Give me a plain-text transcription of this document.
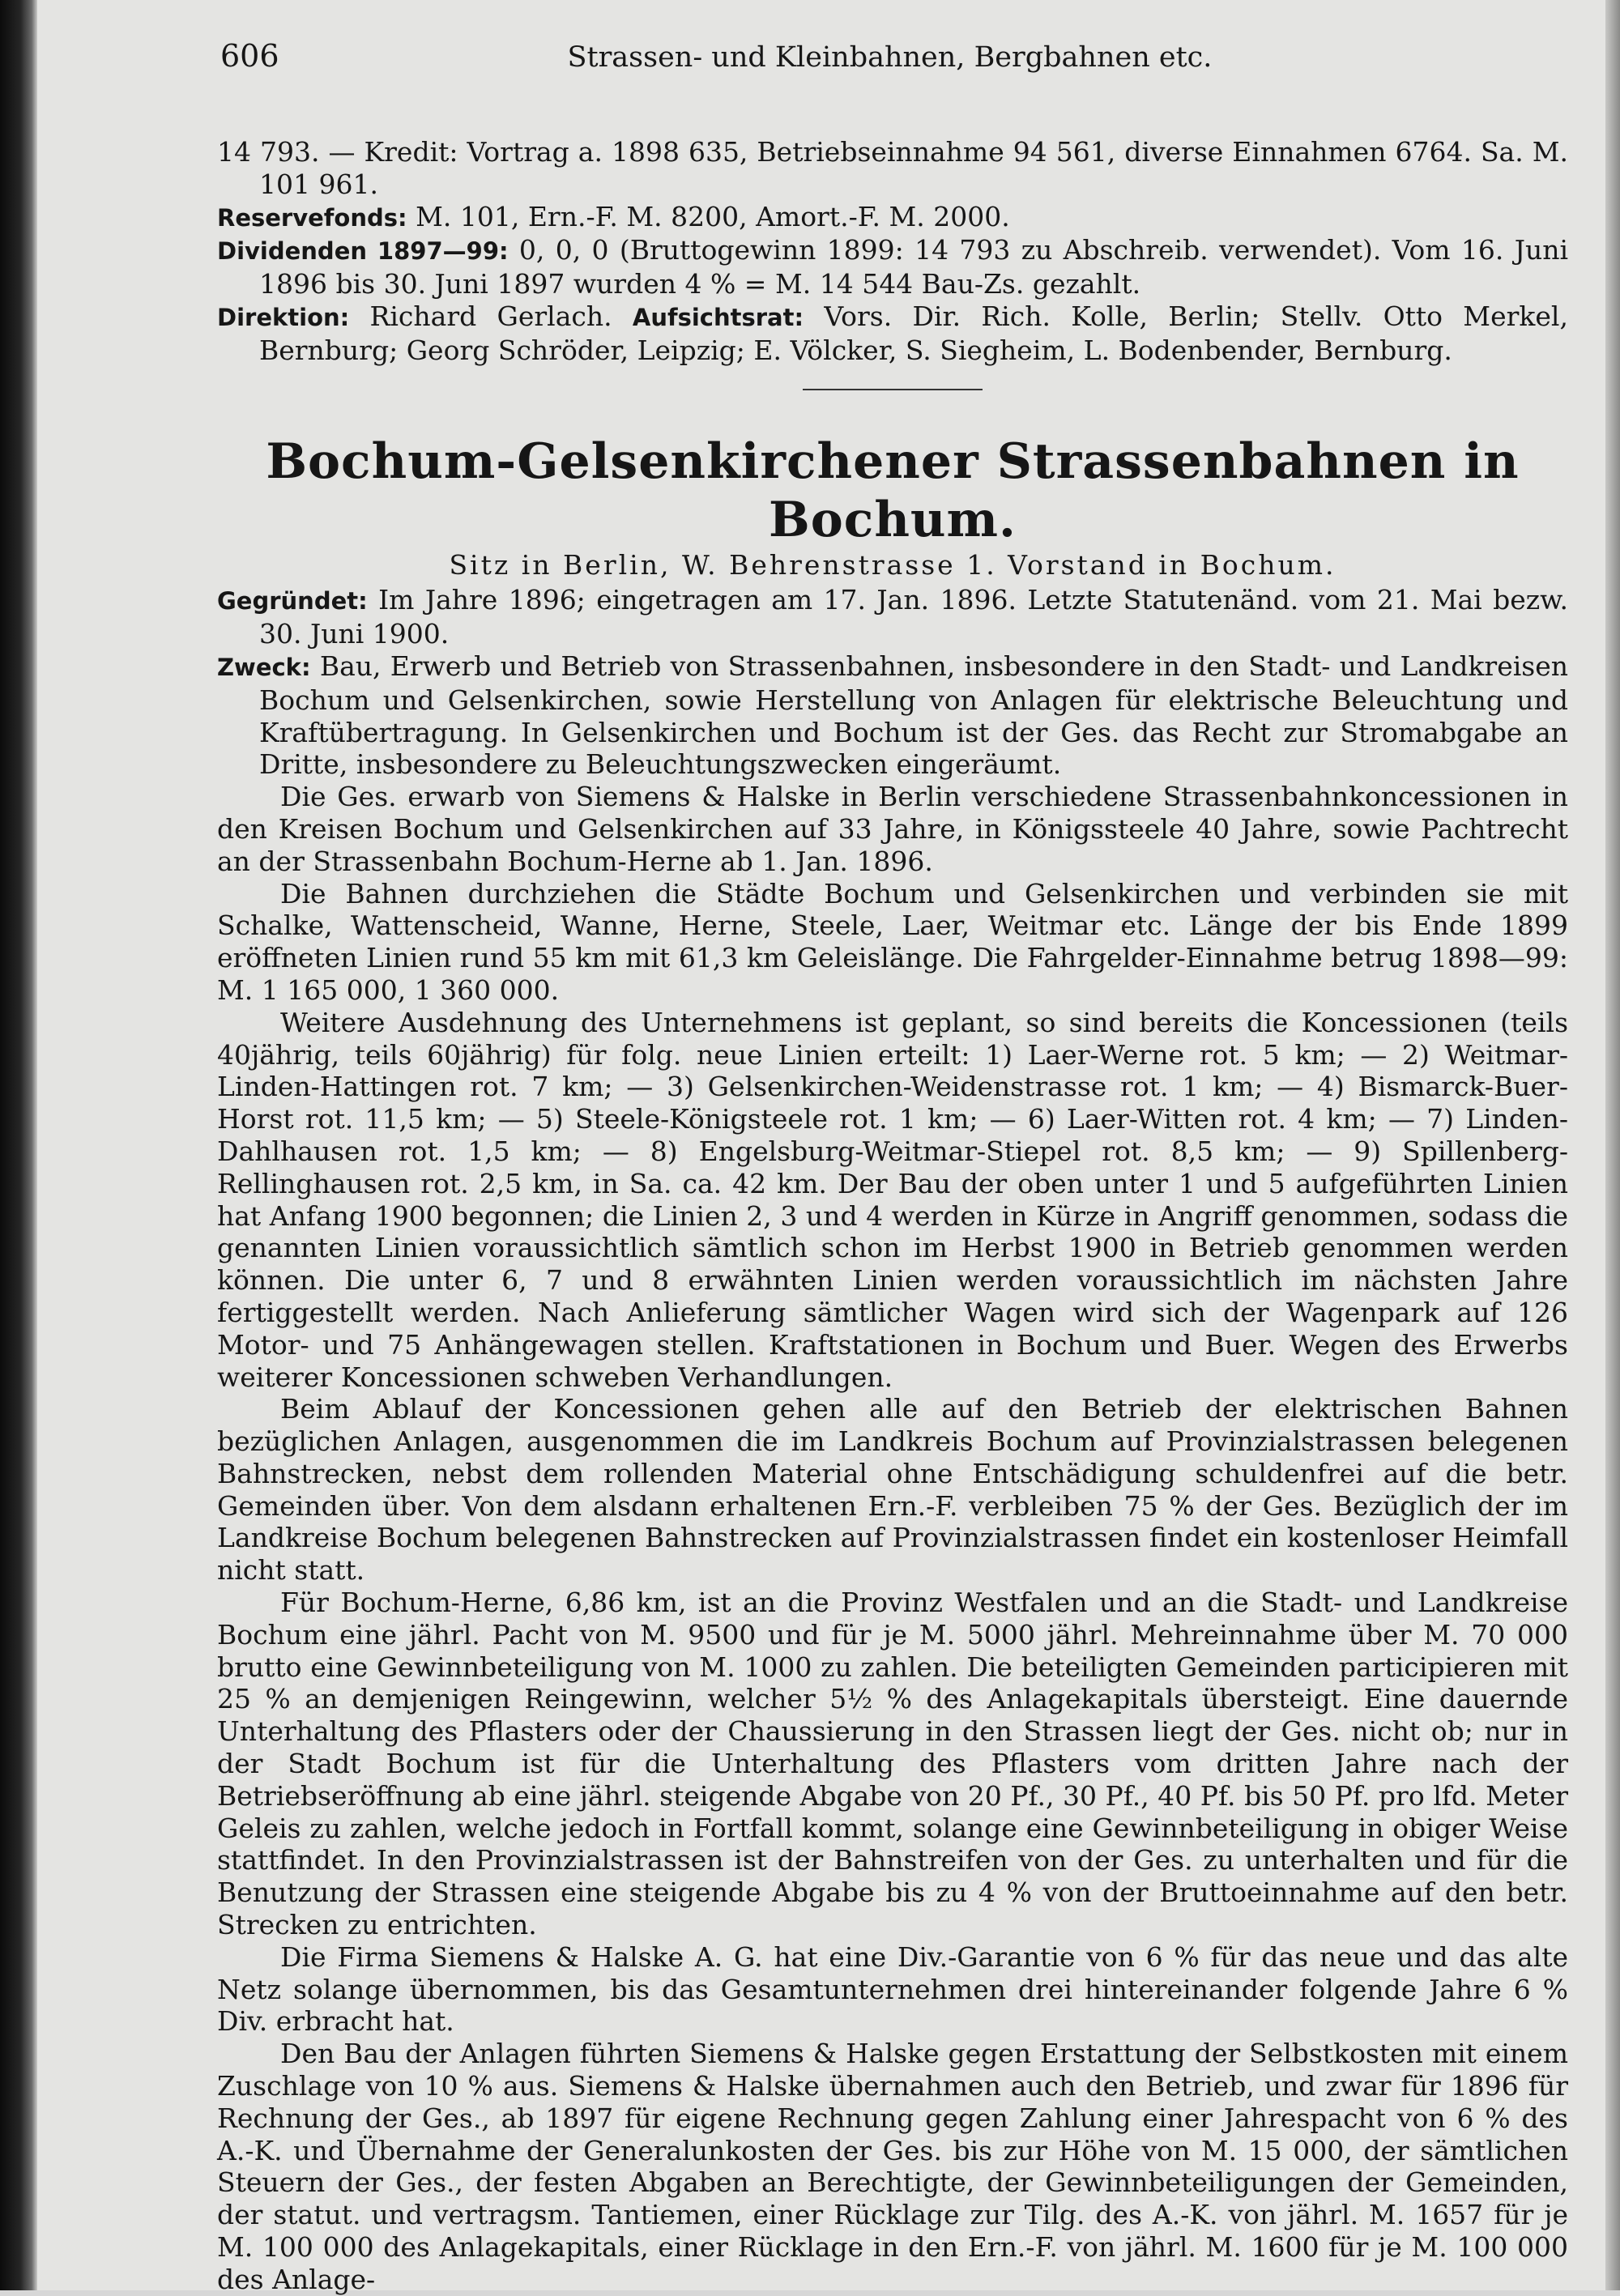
606	Strassen- und Kleinbahnen, Bergbahnen etc.

14 793. — Kredit: Vortrag a. 1898 635, Betriebseinnahme 94 561, diverse Einnahmen 6764. Sa. M. 101 961.

Reservefonds: M. 101, Ern.-F. M. 8200, Amort.-F. M. 2000.

Dividenden 1897—99: 0, 0, 0 (Bruttogewinn 1899: 14 793 zu Abschreib. verwendet). Vom 16. Juni 1896 bis 30. Juni 1897 wurden 4 % = M. 14 544 Bau-Zs. gezahlt.

Direktion: Richard Gerlach. Aufsichtsrat: Vors. Dir. Rich. Kolle, Berlin; Stellv. Otto Merkel, Bernburg; Georg Schröder, Leipzig; E. Völcker, S. Siegheim, L. Bodenbender, Bernburg.

Bochum-Gelsenkirchener Strassenbahnen in Bochum.

Sitz in Berlin, W. Behrenstrasse 1. Vorstand in Bochum.

Gegründet: Im Jahre 1896; eingetragen am 17. Jan. 1896. Letzte Statutenänd. vom 21. Mai bezw. 30. Juni 1900.

Zweck: Bau, Erwerb und Betrieb von Strassenbahnen, insbesondere in den Stadt- und Landkreisen Bochum und Gelsenkirchen, sowie Herstellung von Anlagen für elektrische Beleuchtung und Kraftübertragung. In Gelsenkirchen und Bochum ist der Ges. das Recht zur Stromabgabe an Dritte, insbesondere zu Beleuchtungszwecken eingeräumt.

Die Ges. erwarb von Siemens & Halske in Berlin verschiedene Strassenbahnkoncessionen in den Kreisen Bochum und Gelsenkirchen auf 33 Jahre, in Königssteele 40 Jahre, sowie Pachtrecht an der Strassenbahn Bochum-Herne ab 1. Jan. 1896.

Die Bahnen durchziehen die Städte Bochum und Gelsenkirchen und verbinden sie mit Schalke, Wattenscheid, Wanne, Herne, Steele, Laer, Weitmar etc. Länge der bis Ende 1899 eröffneten Linien rund 55 km mit 61,3 km Geleislänge. Die Fahrgelder-Einnahme betrug 1898—99: M. 1 165 000, 1 360 000.

Weitere Ausdehnung des Unternehmens ist geplant, so sind bereits die Koncessionen (teils 40jährig, teils 60jährig) für folg. neue Linien erteilt: 1) Laer-Werne rot. 5 km; — 2) Weitmar-Linden-Hattingen rot. 7 km; — 3) Gelsenkirchen-Weidenstrasse rot. 1 km; — 4) Bismarck-Buer-Horst rot. 11,5 km; — 5) Steele-Königsteele rot. 1 km; — 6) Laer-Witten rot. 4 km; — 7) Linden-Dahlhausen rot. 1,5 km; — 8) Engelsburg-Weitmar-Stiepel rot. 8,5 km; — 9) Spillenberg-Rellinghausen rot. 2,5 km, in Sa. ca. 42 km. Der Bau der oben unter 1 und 5 aufgeführten Linien hat Anfang 1900 begonnen; die Linien 2, 3 und 4 werden in Kürze in Angriff genommen, sodass die genannten Linien voraussichtlich sämtlich schon im Herbst 1900 in Betrieb genommen werden können. Die unter 6, 7 und 8 erwähnten Linien werden voraussichtlich im nächsten Jahre fertiggestellt werden. Nach Anlieferung sämtlicher Wagen wird sich der Wagenpark auf 126 Motor- und 75 Anhängewagen stellen. Kraftstationen in Bochum und Buer. Wegen des Erwerbs weiterer Koncessionen schweben Verhandlungen.

Beim Ablauf der Koncessionen gehen alle auf den Betrieb der elektrischen Bahnen bezüglichen Anlagen, ausgenommen die im Landkreis Bochum auf Provinzialstrassen belegenen Bahnstrecken, nebst dem rollenden Material ohne Entschädigung schuldenfrei auf die betr. Gemeinden über. Von dem alsdann erhaltenen Ern.-F. verbleiben 75 % der Ges. Bezüglich der im Landkreise Bochum belegenen Bahnstrecken auf Provinzialstrassen findet ein kostenloser Heimfall nicht statt.

Für Bochum-Herne, 6,86 km, ist an die Provinz Westfalen und an die Stadt- und Landkreise Bochum eine jährl. Pacht von M. 9500 und für je M. 5000 jährl. Mehreinnahme über M. 70 000 brutto eine Gewinnbeteiligung von M. 1000 zu zahlen. Die beteiligten Gemeinden participieren mit 25 % an demjenigen Reingewinn, welcher 5½ % des Anlagekapitals übersteigt. Eine dauernde Unterhaltung des Pflasters oder der Chaussierung in den Strassen liegt der Ges. nicht ob; nur in der Stadt Bochum ist für die Unterhaltung des Pflasters vom dritten Jahre nach der Betriebseröffnung ab eine jährl. steigende Abgabe von 20 Pf., 30 Pf., 40 Pf. bis 50 Pf. pro lfd. Meter Geleis zu zahlen, welche jedoch in Fortfall kommt, solange eine Gewinnbeteiligung in obiger Weise stattfindet. In den Provinzialstrassen ist der Bahnstreifen von der Ges. zu unterhalten und für die Benutzung der Strassen eine steigende Abgabe bis zu 4 % von der Bruttoeinnahme auf den betr. Strecken zu entrichten.

Die Firma Siemens & Halske A. G. hat eine Div.-Garantie von 6 % für das neue und das alte Netz solange übernommen, bis das Gesamtunternehmen drei hintereinander folgende Jahre 6 % Div. erbracht hat.

Den Bau der Anlagen führten Siemens & Halske gegen Erstattung der Selbstkosten mit einem Zuschlage von 10 % aus. Siemens & Halske übernahmen auch den Betrieb, und zwar für 1896 für Rechnung der Ges., ab 1897 für eigene Rechnung gegen Zahlung einer Jahrespacht von 6 % des A.-K. und Übernahme der Generalunkosten der Ges. bis zur Höhe von M. 15 000, der sämtlichen Steuern der Ges., der festen Abgaben an Berechtigte, der Gewinnbeteiligungen der Gemeinden, der statut. und vertragsm. Tantiemen, einer Rücklage zur Tilg. des A.-K. von jährl. M. 1657 für je M. 100 000 des Anlagekapitals, einer Rücklage in den Ern.-F. von jährl. M. 1600 für je M. 100 000 des Anlage-
